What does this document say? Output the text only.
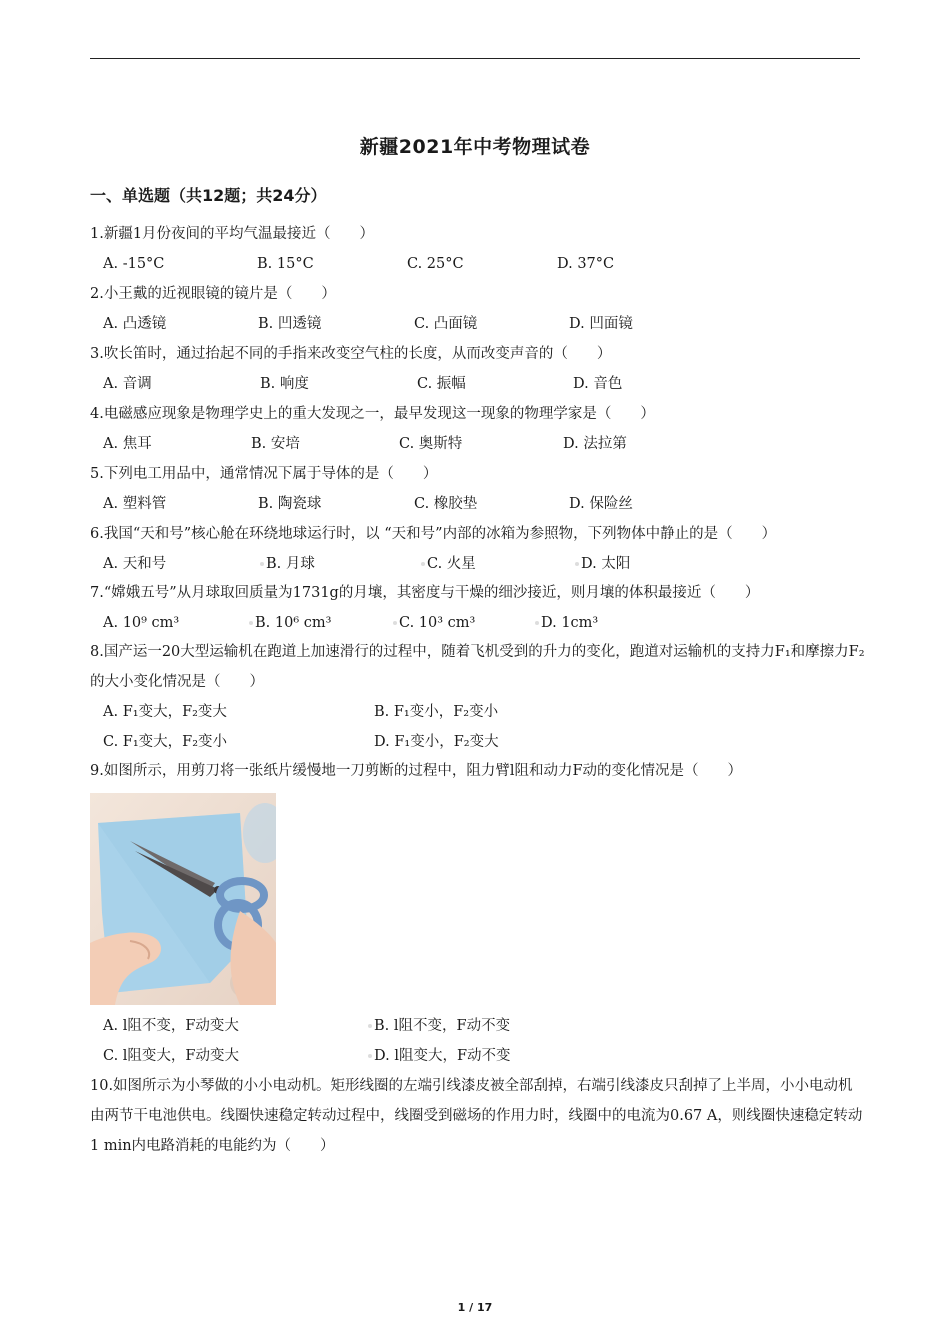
新疆2021年中考物理试卷
一、单选题（共12题；共24分）
1.新疆1月份夜间的平均气温最接近（　　）
A. -15°C	B. 15°C	C. 25°C	D. 37°C
2.小王戴的近视眼镜的镜片是（　　）
A. 凸透镜	B. 凹透镜	C. 凸面镜	D. 凹面镜
3.吹长笛时，通过抬起不同的手指来改变空气柱的长度，从而改变声音的（　　）
A. 音调	B. 响度	C. 振幅	D. 音色
4.电磁感应现象是物理学史上的重大发现之一，最早发现这一现象的物理学家是（　　）
A. 焦耳	B. 安培	C. 奥斯特	D. 法拉第
5.下列电工用品中，通常情况下属于导体的是（　　）
A. 塑料管	B. 陶瓷球	C. 橡胶垫	D. 保险丝
6.我国“天和号”核心舱在环绕地球运行时，以 “天和号”内部的冰箱为参照物，下列物体中静止的是（　　）
A. 天和号	B. 月球	C. 火星	D. 太阳
7.“嫦娥五号”从月球取回质量为1731g的月壤，其密度与干燥的细沙接近，则月壤的体积最接近（　　）
A. 10⁹ cm³	B. 10⁶ cm³	C. 10³ cm³	D. 1cm³
8.国产运一20大型运输机在跑道上加速滑行的过程中，随着飞机受到的升力的变化，跑道对运输机的支持力F₁和摩擦力F₂的大小变化情况是（　　）
A. F₁变大，F₂变大	B. F₁变小，F₂变小
C. F₁变大，F₂变小	D. F₁变小，F₂变大
9.如图所示，用剪刀将一张纸片缓慢地一刀剪断的过程中，阻力臂l阻和动力F动的变化情况是（　　）
A. l阻不变，F动变大	B. l阻不变，F动不变
C. l阻变大，F动变大	D. l阻变大，F动不变
10.如图所示为小琴做的小小电动机。矩形线圈的左端引线漆皮被全部刮掉，右端引线漆皮只刮掉了上半周，小小电动机由两节干电池供电。线圈快速稳定转动过程中，线圈受到磁场的作用力时，线圈中的电流为0.67 A，则线圈快速稳定转动1 min内电路消耗的电能约为（　　）
1 / 17
